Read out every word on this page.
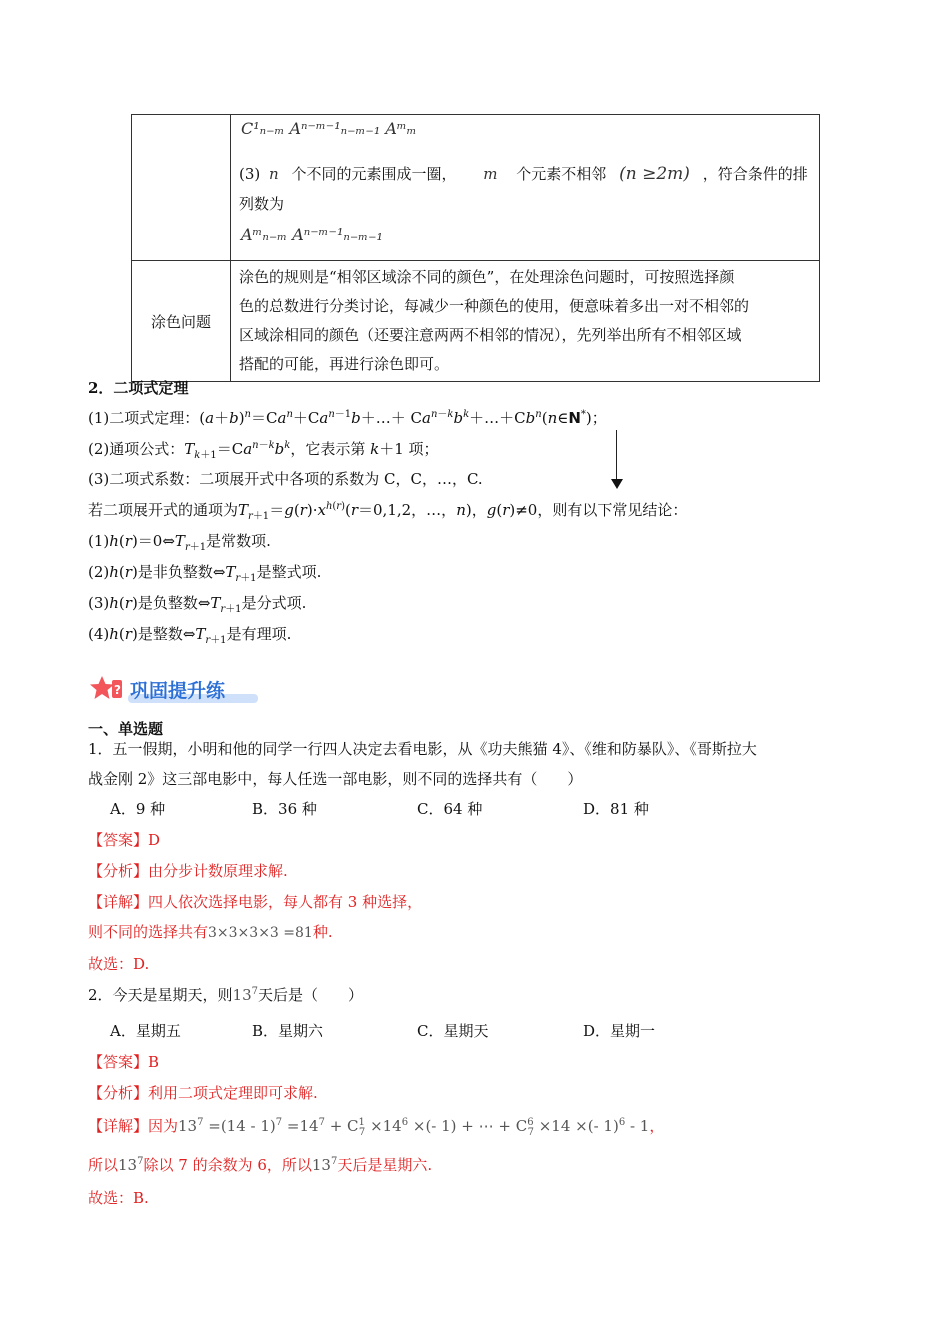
	C¹ₙ₋ₘ Aⁿ⁻ᵐ⁻¹ₙ₋ₘ₋₁ Aᵐₘ
(3) n 个不同的元素围成一圈， m 个元素不相邻 (n ≥2m) ，符合条件的排
列数为
Aᵐₙ₋ₘ Aⁿ⁻ᵐ⁻¹ₙ₋ₘ₋₁

涂色问题	涂色的规则是“相邻区域涂不同的颜色”，在处理涂色问题时，可按照选择颜
色的总数进行分类讨论，每减少一种颜色的使用，便意味着多出一对不相邻的
区域涂相同的颜色（还要注意两两不相邻的情况），先列举出所有不相邻区域
搭配的可能，再进行涂色即可。
2．二项式定理
(1)二项式定理：$(a+b)^n=Ca^n+Ca^{n-1}b+\dots+$ $Ca^{n-k}b^k+\dots+Cb^n(n\in N^*)$；
(2)通项公式：$T_{k+1}=Ca^{n-k}b^k$，它表示第 k＋1 项；
(3)二项式系数：二项展开式中各项的系数为 C，C，…，C.
若二项展开式的通项为$T_{r+1}=g(r)\cdot x^{h(r)}(r=0,1,2$，…，n)，g(r)≠0，则有以下常见结论：
$(1)h(r)=0\Leftrightarrow T_{r+1}$是常数项.
(2)h(r)是非负整数$\Leftrightarrow T_{r+1}$是整式项.
(3)h(r)是负整数$\Leftrightarrow T_{r+1}$是分式项.
(4)h(r)是整数$\Leftrightarrow T_{r+1}$是有理项.
? 巩固提升练
一、单选题
1．五一假期，小明和他的同学一行四人决定去看电影，从《功夫熊猫 4》、《维和防暴队》、《哥斯拉大
战金刚 2》这三部电影中，每人任选一部电影，则不同的选择共有（　　）
A．9 种	B．36 种	C．64 种	D．81 种
【答案】D
【分析】由分步计数原理求解.
【详解】四人依次选择电影，每人都有 3 种选择，
则不同的选择共有3×3×3×3 =81种.
故选：D.
2．今天是星期天，则$13^7$天后是（　　）
A．星期五	B．星期六	C．星期天	D．星期一
【答案】B
【分析】利用二项式定理即可求解.
【详解】因为$13^7 =(14 - 1)^7 =14^7 + C^1_7 \times 14^6$ ×(- 1) + ⋯ + $C^6_7 \times 14$ ×(- 1)$^6$ - 1，
所以$13^7$除以 7 的余数为 6，所以$13^7$天后是星期六.
故选：B.
